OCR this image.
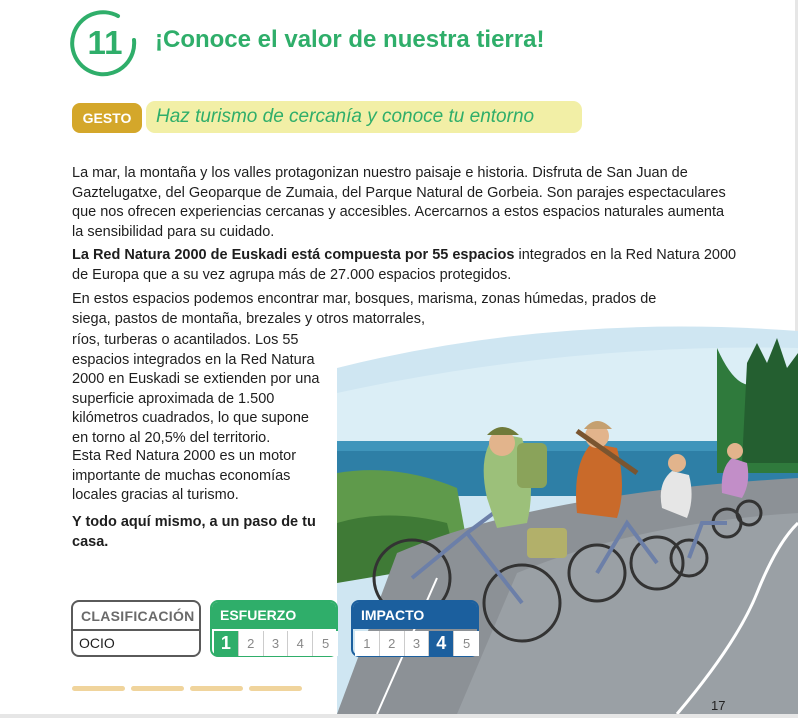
11	¡Conoce el valor de nuestra tierra!
GESTO	Haz turismo de cercanía y conoce tu entorno
La mar, la montaña y los valles protagonizan nuestro paisaje e historia. Disfruta de San Juan de Gaztelugatxe, del Geoparque de Zumaia, del Parque Natural de Gorbeia. Son parajes espectaculares que nos ofrecen experiencias cercanas y accesibles. Acercarnos a estos espacios naturales aumenta la sensibilidad para su cuidado.
La Red Natura 2000 de Euskadi está compuesta por 55 espacios integrados en la Red Natura 2000 de Europa que a su vez agrupa más de 27.000 espacios protegidos.
En estos espacios podemos encontrar mar, bosques, marisma, zonas húmedas, prados de siega, pastos de montaña, brezales y otros matorrales,
ríos, turberas o acantilados. Los 55 espacios integrados en la Red Natura 2000 en Euskadi se extienden por una superficie aproximada de 1.500 kilómetros cuadrados, lo que supone en torno al 20,5% del territorio.
Esta Red Natura 2000 es un motor importante de muchas economías locales gracias al turismo.
Y todo aquí mismo, a un paso de tu casa.
CLASIFICACIÓN
OCIO
ESFUERZO
1	2	3	4	5
IMPACTO
1	2	3 4	5
17
